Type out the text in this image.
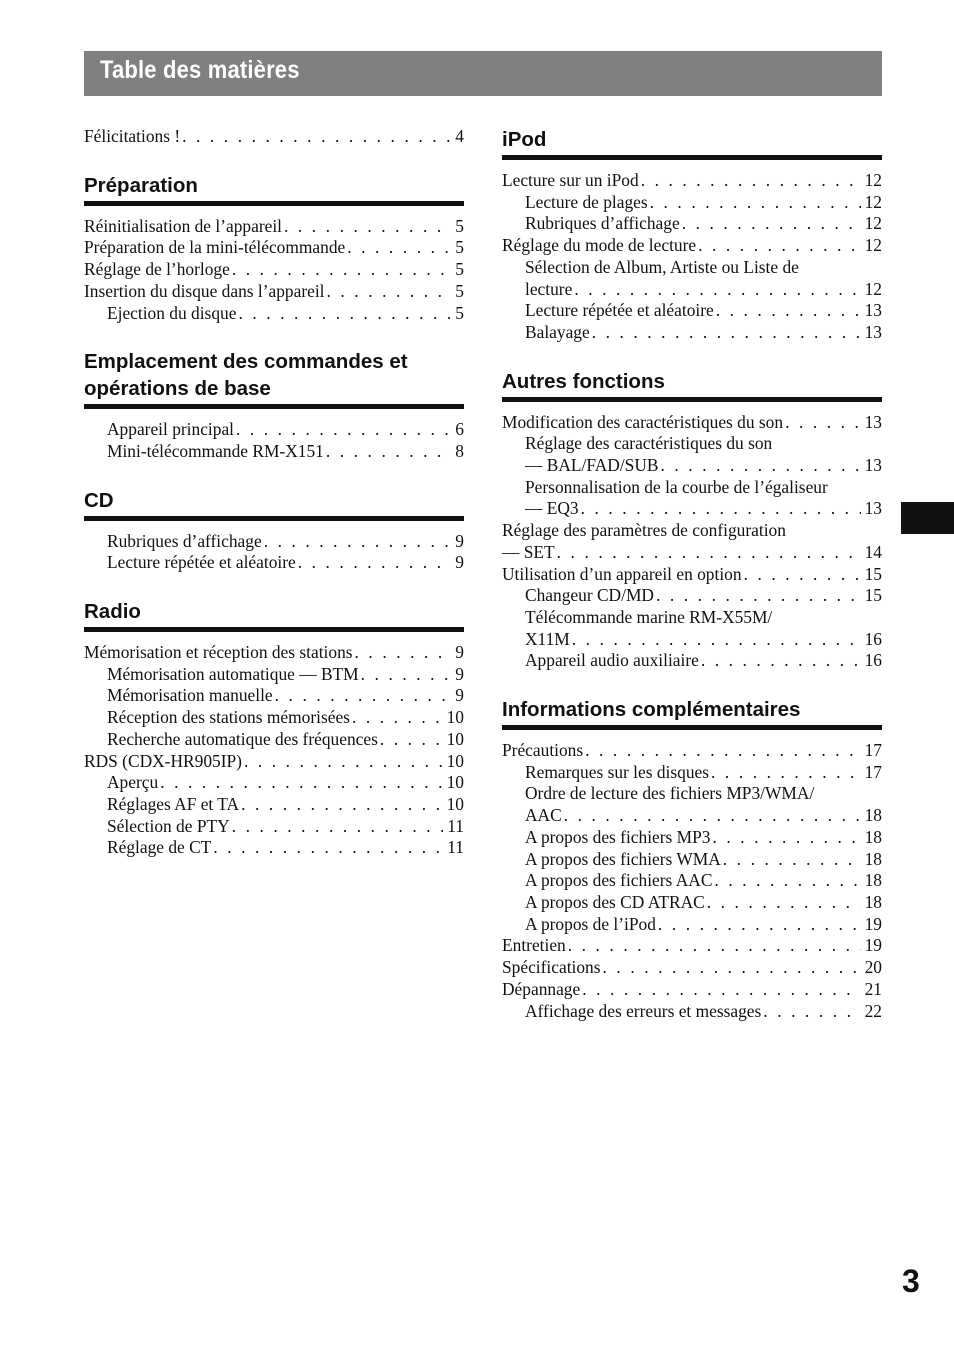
Table des matières
Félicitations ! . . .	4
Préparation
Réinitialisation de l’appareil . . .	5
Préparation de la mini-télécommande . . .	5
Réglage de l’horloge . . .	5
Insertion du disque dans l’appareil . . .	5
Ejection du disque . . .	5
Emplacement des commandes et opérations de base
Appareil principal . . .	6
Mini-télécommande RM-X151 . . .	8
CD
Rubriques d’affichage . . .	9
Lecture répétée et aléatoire . . .	9
Radio
Mémorisation et réception des stations . . .	9
Mémorisation automatique — BTM . . .	9
Mémorisation manuelle . . .	9
Réception des stations mémorisées . . .	10
Recherche automatique des fréquences . . .	10
RDS (CDX-HR905IP) . . .	10
Aperçu . . .	10
Réglages AF et TA . . .	10
Sélection de PTY . . .	11
Réglage de CT . . .	11
iPod
Lecture sur un iPod . . .	12
Lecture de plages . . .	12
Rubriques d’affichage . . .	12
Réglage du mode de lecture . . .	12
Sélection de Album, Artiste ou Liste de
lecture . . .	12
Lecture répétée et aléatoire . . .	13
Balayage . . .	13
Autres fonctions
Modification des caractéristiques du son . . .	13
Réglage des caractéristiques du son
— BAL/FAD/SUB . . .	13
Personnalisation de la courbe de l’égaliseur
— EQ3 . . .	13
Réglage des paramètres de configuration
— SET . . .	14
Utilisation d’un appareil en option . . .	15
Changeur CD/MD . . .	15
Télécommande marine RM-X55M/
X11M . . .	16
Appareil audio auxiliaire . . .	16
Informations complémentaires
Précautions . . .	17
Remarques sur les disques . . .	17
Ordre de lecture des fichiers MP3/WMA/
AAC . . .	18
A propos des fichiers MP3 . . .	18
A propos des fichiers WMA . . .	18
A propos des fichiers AAC . . .	18
A propos des CD ATRAC . . .	18
A propos de l’iPod . . .	19
Entretien . . .	19
Spécifications . . .	20
Dépannage . . .	21
Affichage des erreurs et messages . . .	22
3
